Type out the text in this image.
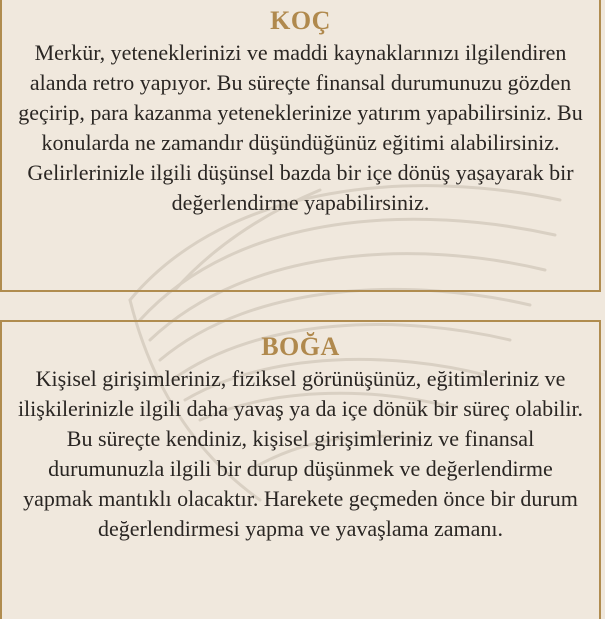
KOÇ

Merkür, yeteneklerinizi ve maddi kaynaklarınızı ilgilendiren alanda retro yapıyor. Bu süreçte finansal durumunuzu gözden geçirip, para kazanma yeteneklerinize yatırım yapabilirsiniz. Bu konularda ne zamandır düşündüğünüz eğitimi alabilirsiniz. Gelirlerinizle ilgili düşünsel bazda bir içe dönüş yaşayarak bir değerlendirme yapabilirsiniz.

BOĞA

Kişisel girişimleriniz, fiziksel görünüşünüz, eğitimleriniz ve ilişkilerinizle ilgili daha yavaş ya da içe dönük bir süreç olabilir. Bu süreçte kendiniz, kişisel girişimleriniz ve finansal durumunuzla ilgili bir durup düşünmek ve değerlendirme yapmak mantıklı olacaktır. Harekete geçmeden önce bir durum değerlendirmesi yapma ve yavaşlama zamanı.
